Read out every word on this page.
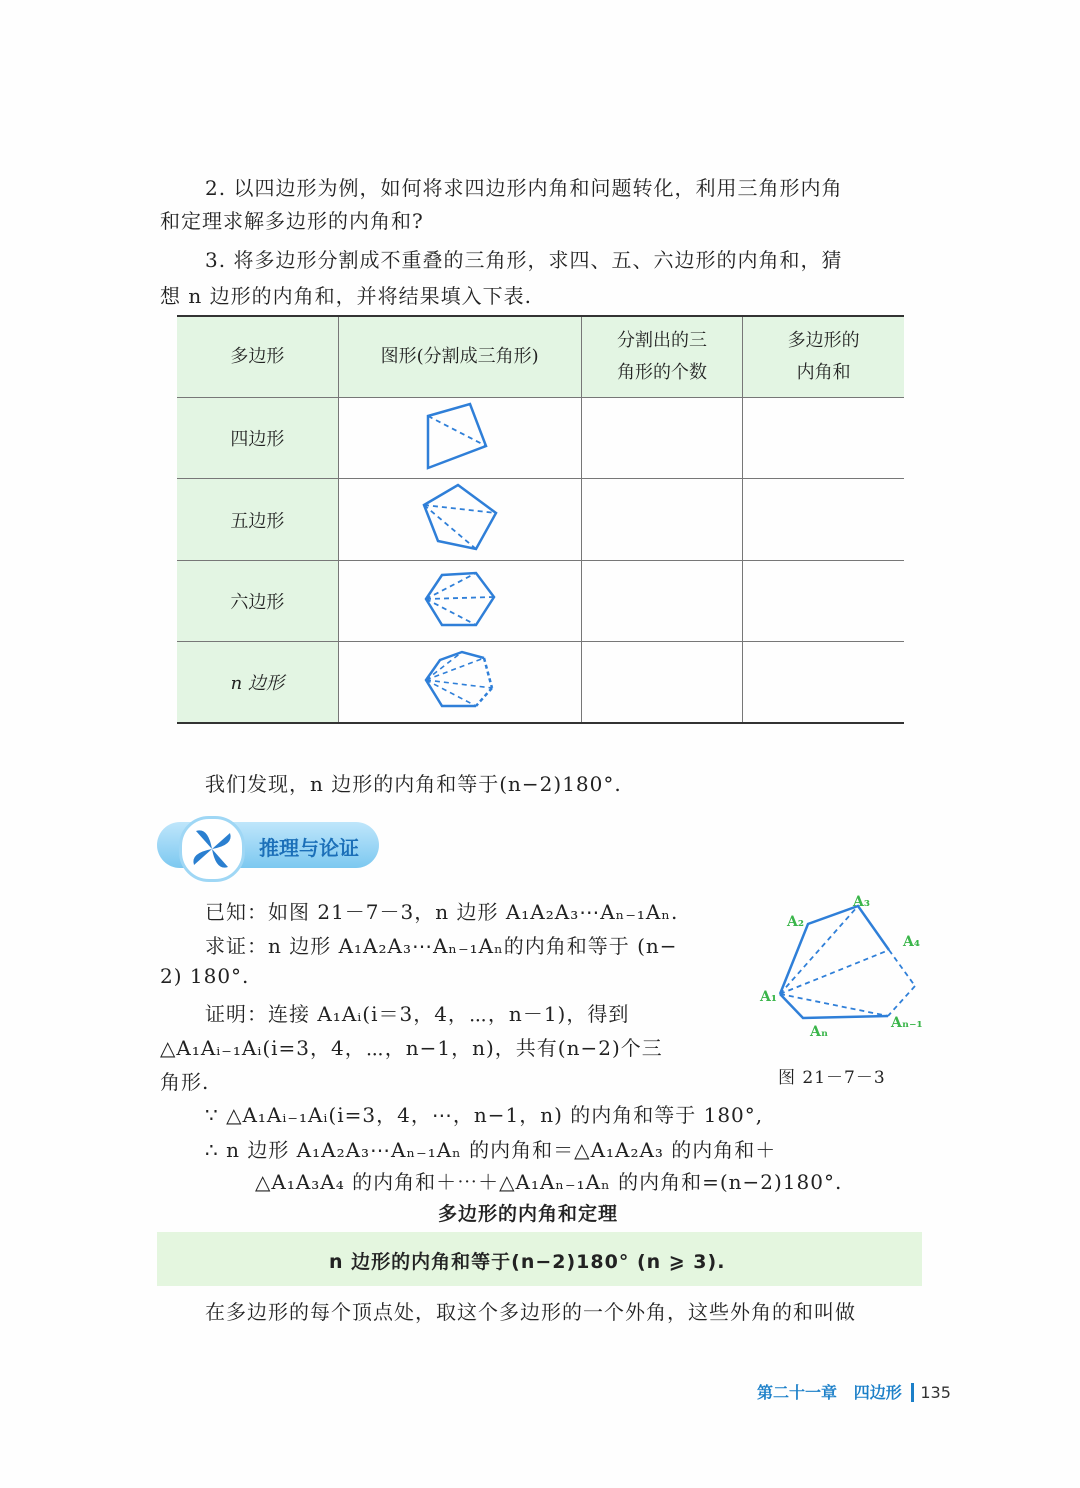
2. 以四边形为例，如何将求四边形内角和问题转化，利用三角形内角
和定理求解多边形的内角和?
3. 将多边形分割成不重叠的三角形，求四、五、六边形的内角和，猜
想 n 边形的内角和，并将结果填入下表.
多边形	图形(分割成三角形)	分割出的三
角形的个数	多边形的
内角和
四边形			
五边形			
六边形			
n 边形			
我们发现，n 边形的内角和等于(n−2)180°.
推理与论证
已知：如图 21－7－3，n 边形 A₁A₂A₃⋯Aₙ₋₁Aₙ.
求证：n 边形 A₁A₂A₃⋯Aₙ₋₁Aₙ的内角和等于 (n−
2) 180°.
证明：连接 A₁Aᵢ(i＝3，4，⋯，n－1)，得到
△A₁Aᵢ₋₁Aᵢ(i=3，4，⋯，n−1，n)，共有(n−2)个三
角形.
∵ △A₁Aᵢ₋₁Aᵢ(i=3，4，⋯，n−1，n) 的内角和等于 180°,
∴ n 边形 A₁A₂A₃⋯Aₙ₋₁Aₙ 的内角和＝△A₁A₂A₃ 的内角和＋
△A₁A₃A₄ 的内角和＋⋯＋△A₁Aₙ₋₁Aₙ 的内角和=(n−2)180°.
A₁
A₂
A₃
A₄
Aₙ₋₁
Aₙ
图 21－7－3
多边形的内角和定理
n 边形的内角和等于(n−2)180° (n ⩾ 3).
在多边形的每个顶点处，取这个多边形的一个外角，这些外角的和叫做
第二十一章 四边形 135
